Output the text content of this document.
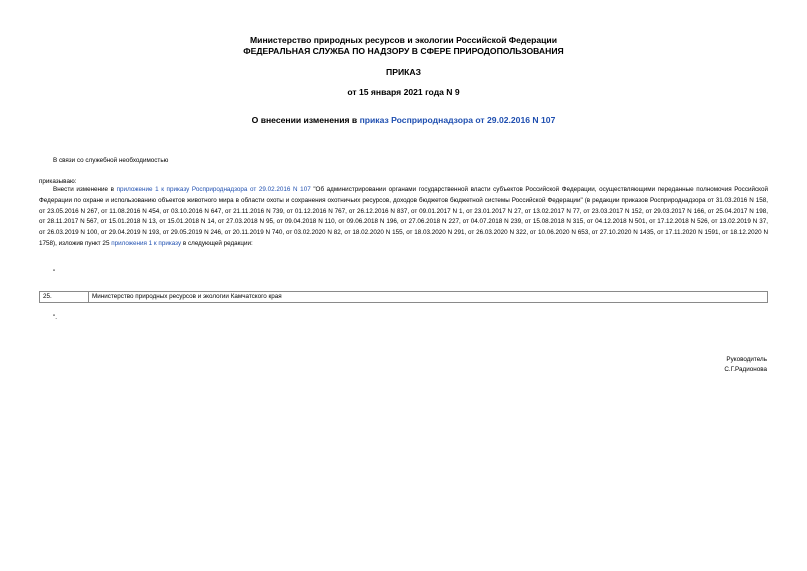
Министерство природных ресурсов и экологии Российской Федерации
ФЕДЕРАЛЬНАЯ СЛУЖБА ПО НАДЗОРУ В СФЕРЕ ПРИРОДОПОЛЬЗОВАНИЯ
ПРИКАЗ
от 15 января 2021 года N 9
О внесении изменения в приказ Росприроднадзора от 29.02.2016 N 107
В связи со служебной необходимостью
приказываю:
Внести изменение в приложение 1 к приказу Росприроднадзора от 29.02.2016 N 107 "Об администрировании органами государственной власти субъектов Российской Федерации, осуществляющими переданные полномочия Российской Федерации по охране и использованию объектов животного мира в области охоты и сохранения охотничьих ресурсов, доходов бюджетов бюджетной системы Российской Федерации" (в редакции приказов Росприроднадзора от 31.03.2016 N 158, от 23.05.2016 N 267, от 11.08.2016 N 454, от 03.10.2016 N 647, от 21.11.2016 N 739, от 01.12.2016 N 767, от 26.12.2016 N 837, от 09.01.2017 N 1, от 23.01.2017 N 27, от 13.02.2017 N 77, от 23.03.2017 N 152, от 29.03.2017 N 166, от 25.04.2017 N 198, от 28.11.2017 N 567, от 15.01.2018 N 13, от 15.01.2018 N 14, от 27.03.2018 N 95, от 09.04.2018 N 110, от 09.06.2018 N 196, от 27.06.2018 N 227, от 04.07.2018 N 239, от 15.08.2018 N 315, от 04.12.2018 N 501, от 17.12.2018 N 526, от 13.02.2019 N 37, от 26.03.2019 N 100, от 29.04.2019 N 193, от 29.05.2019 N 246, от 20.11.2019 N 740, от 03.02.2020 N 82, от 18.02.2020 N 155, от 18.03.2020 N 291, от 26.03.2020 N 322, от 10.06.2020 N 653, от 27.10.2020 N 1435, от 17.11.2020 N 1591, от 18.12.2020 N 1758), изложив пункт 25 приложения 1 к приказу в следующей редакции:
"
25.	Министерство природных ресурсов и экологии Камчатского края
".
Руководитель
С.Г.Радионова
